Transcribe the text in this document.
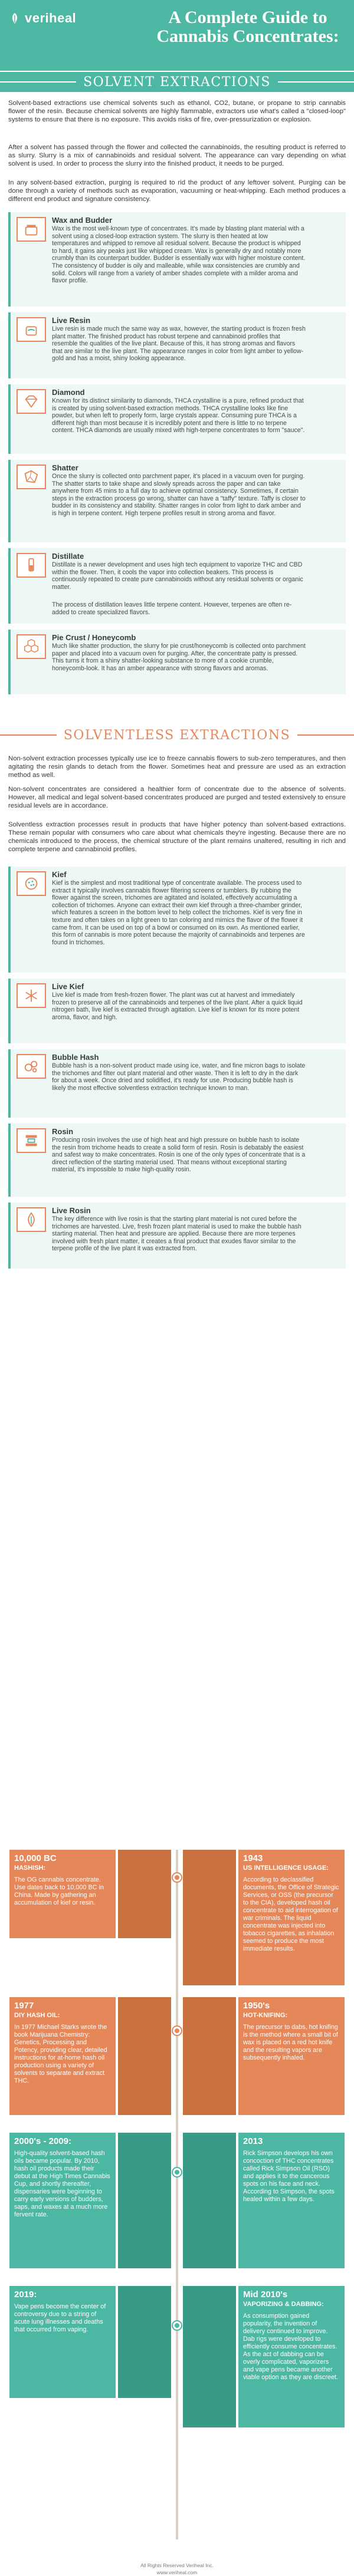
veriheal	A Complete Guide to
Cannabis Concentrates:
SOLVENT EXTRACTIONS
Solvent-based extractions use chemical solvents such as ethanol, CO2, butane, or propane to strip cannabis flower of the resin. Because chemical solvents are highly flammable, extractors use what's called a "closed-loop" systems to ensure that there is no exposure. This avoids risks of fire, over-pressurization or explosion.
After a solvent has passed through the flower and collected the cannabinoids, the resulting product is referred to as slurry. Slurry is a mix of cannabinoids and residual solvent. The appearance can vary depending on what solvent is used. In order to process the slurry into the finished product, it needs to be purged.
In any solvent-based extraction, purging is required to rid the product of any leftover solvent. Purging can be done through a variety of methods such as evaporation, vacuuming or heat-whipping. Each method produces a different end product and signature consistency.
Wax and Budder
Wax is the most well-known type of concentrates. It's made by blasting plant material with a solvent using a closed-loop extraction system. The slurry is then heated at low temperatures and whipped to remove all residual solvent. Because the product is whipped to hard, it gains airy peaks just like whipped cream. Wax is generally dry and notably more crumbly than its counterpart budder. Budder is essentially wax with higher moisture content. The consistency of budder is oily and malleable, while wax consistencies are crumbly and solid. Colors will range from a variety of amber shades complete with a milder aroma and flavor profile.
Live Resin
Live resin is made much the same way as wax, however, the starting product is frozen fresh plant matter. The finished product has robust terpene and cannabinoid profiles that resemble the qualities of the live plant. Because of this, it has strong aromas and flavors that are similar to the live plant. The appearance ranges in color from light amber to yellow-gold and has a moist, shiny looking appearance.
Diamond
Known for its distinct similarity to diamonds, THCA crystalline is a pure, refined product that is created by using solvent-based extraction methods. THCA crystalline looks like fine powder, but when left to properly form, large crystals appear. Consuming pure THCA is a different high than most because it is incredibly potent and there is little to no terpene content. THCA diamonds are usually mixed with high-terpene concentrates to form "sauce".
Shatter
Once the slurry is collected onto parchment paper, it's placed in a vacuum oven for purging. The shatter starts to take shape and slowly spreads across the paper and can take anywhere from 45 mins to a full day to achieve optimal consistency. Sometimes, if certain steps in the extraction process go wrong, shatter can have a "taffy" texture. Taffy is closer to budder in its consistency and stability. Shatter ranges in color from light to dark amber and is high in terpene content. High terpene profiles result in strong aroma and flavor.
Distillate
Distillate is a newer development and uses high tech equipment to vaporize THC and CBD within the flower. Then, it cools the vapor into collection beakers. This process is continuously repeated to create pure cannabinoids without any residual solvents or organic matter.
The process of distillation leaves little terpene content. However, terpenes are often re-added to create specialized flavors.
Pie Crust / Honeycomb
Much like shatter production, the slurry for pie crust/honeycomb is collected onto parchment paper and placed into a vacuum oven for purging. After, the concentrate patty is pressed. This turns it from a shiny shatter-looking substance to more of a cookie crumble, honeycomb-look. It has an amber appearance with strong flavors and aromas.
SOLVENTLESS EXTRACTIONS
Non-solvent extraction processes typically use ice to freeze cannabis flowers to sub-zero temperatures, and then agitating the resin glands to detach from the flower. Sometimes heat and pressure are used as an extraction method as well.
Non-solvent concentrates are considered a healthier form of concentrate due to the absence of solvents. However, all medical and legal solvent-based concentrates produced are purged and tested extensively to ensure residual levels are in accordance.
Solventless extraction processes result in products that have higher potency than solvent-based extractions. These remain popular with consumers who care about what chemicals they're ingesting. Because there are no chemicals introduced to the process, the chemical structure of the plant remains unaltered, resulting in rich and complete terpene and cannabinoid profiles.
Kief
Kief is the simplest and most traditional type of concentrate available. The process used to extract it typically involves cannabis flower filtering screens or tumblers. By rubbing the flower against the screen, trichomes are agitated and isolated, effectively accumulating a collection of trichomes. Anyone can extract their own kief through a three-chamber grinder, which features a screen in the bottom level to help collect the trichomes. Kief is very fine in texture and often takes on a light green to tan coloring and mimics the flavor of the flower it came from. It can be used on top of a bowl or consumed on its own. As mentioned earlier, this form of cannabis is more potent because the majority of cannabinoids and terpenes are found in trichomes.
Live Kief
Live kief is made from fresh-frozen flower. The plant was cut at harvest and immediately frozen to preserve all of the cannabinoids and terpenes of the live plant. After a quick liquid nitrogen bath, live kief is extracted through agitation. Live kief is known for its more potent aroma, flavor, and high.
Bubble Hash
Bubble hash is a non-solvent product made using ice, water, and fine micron bags to isolate the trichomes and filter out plant material and other waste. Then it is left to dry in the dark for about a week. Once dried and solidified, it's ready for use. Producing bubble hash is likely the most effective solventless extraction technique known to man.
Rosin
Producing rosin involves the use of high heat and high pressure on bubble hash to isolate the resin from trichome heads to create a solid form of resin. Rosin is debatably the easiest and safest way to make concentrates. Rosin is one of the only types of concentrate that is a direct reflection of the starting material used. That means without exceptional starting material, it's impossible to make high-quality rosin.
Live Rosin
The key difference with live rosin is that the starting plant material is not cured before the trichomes are harvested. Live, fresh frozen plant material is used to make the bubble hash starting material. Then heat and pressure are applied. Because there are more terpenes involved with fresh plant matter, it creates a final product that exudes flavor similar to the terpene profile of the live plant it was extracted from.
10,000 BC
HASHISH:
The OG cannabis concentrate. Use dates back to 10,000 BC in China. Made by gathering an accumulation of kief or resin.
1943
US INTELLIGENCE USAGE:
According to declassified documents, the Office of Strategic Services, or OSS (the precursor to the CIA), developed hash oil concentrate to aid interrogation of war criminals. The liquid concentrate was injected into tobacco cigarettes, as inhalation seemed to produce the most immediate results.
1977
DIY HASH OIL:
In 1977 Michael Starks wrote the book Marijuana Chemistry: Genetics, Processing and Potency, providing clear, detailed instructions for at-home hash oil production using a variety of solvents to separate and extract THC.
1950's
HOT-KNIFING:
The precursor to dabs, hot knifing is the method where a small bit of wax is placed on a red hot knife and the resulting vapors are subsequently inhaled.
2000's - 2009:
High-quality solvent-based hash oils became popular. By 2010, hash oil products made their debut at the High Times Cannabis Cup, and shortly thereafter, dispensaries were beginning to carry early versions of budders, saps, and waxes at a much more fervent rate.
2013
Rick Simpson develops his own concoction of THC concentrates called Rick Simpson Oil (RSO) and applies it to the cancerous spots on his face and neck. According to Simpson, the spots healed within a few days.
2019:
Vape pens become the center of controversy due to a string of acute lung illnesses and deaths that occurred from vaping.
Mid 2010's
VAPORIZING & DABBING:
As consumption gained popularity, the invention of delivery continued to improve. Dab rigs were developed to efficiently consume concentrates. As the act of dabbing can be overly complicated, vaporizers and vape pens became another viable option as they are discreet.
All Rights Reserved Veriheal Inc.
www.veriheal.com
